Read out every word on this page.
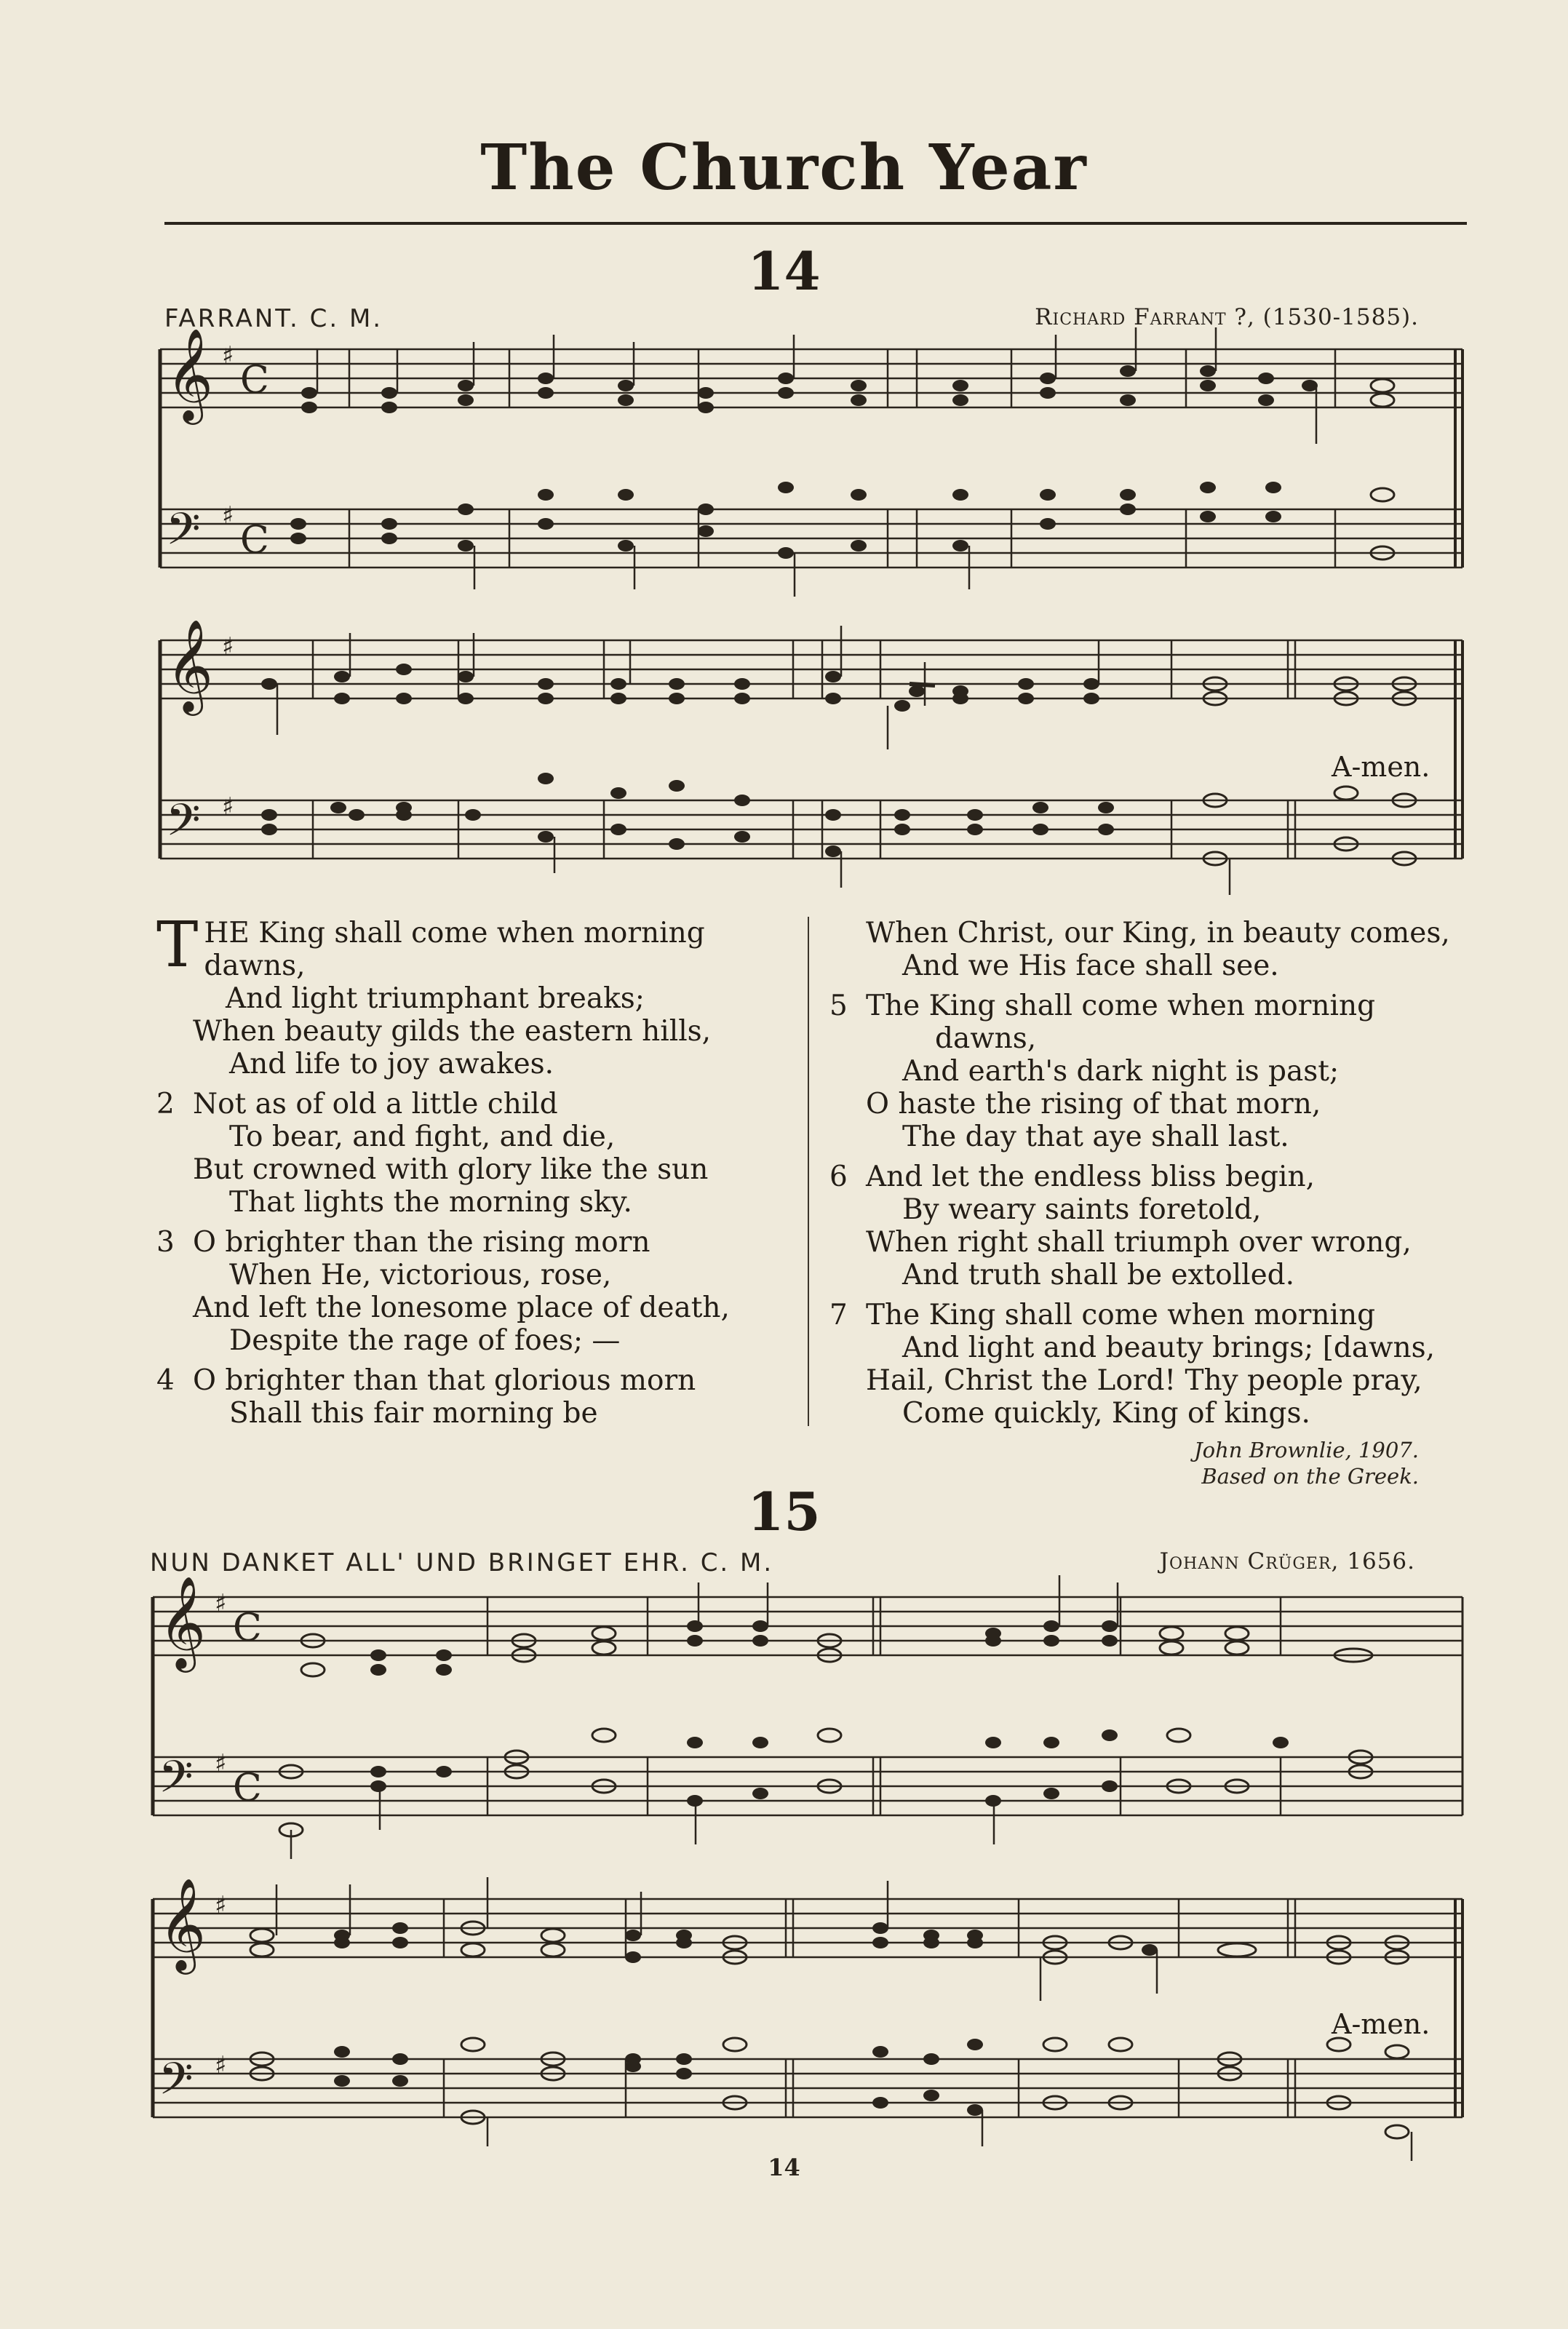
The Church Year
14
FARRANT. C. M.	Richard Farrant ?, (1530-1585).
𝄞
𝄢
♯
♯
C
C
𝄞
𝄢
♯
♯
A-men.
T HE King shall come when morning
dawns,
And light triumphant breaks;
When beauty gilds the eastern hills,
And life to joy awakes.
2 Not as of old a little child
To bear, and fight, and die,
But crowned with glory like the sun
That lights the morning sky.
3 O brighter than the rising morn
When He, victorious, rose,
And left the lonesome place of death,
Despite the rage of foes; —
4 O brighter than that glorious morn
Shall this fair morning be
When Christ, our King, in beauty comes,
And we His face shall see.
5 The King shall come when morning
dawns,
And earth's dark night is past;
O haste the rising of that morn,
The day that aye shall last.
6 And let the endless bliss begin,
By weary saints foretold,
When right shall triumph over wrong,
And truth shall be extolled.
7 The King shall come when morning
And light and beauty brings; [dawns,
Hail, Christ the Lord! Thy people pray,
Come quickly, King of kings.
John Brownlie, 1907.
Based on the Greek.
15
NUN DANKET ALL' UND BRINGET EHR. C. M.	Johann Crüger, 1656.
𝄞
𝄢
♯
♯
C
C
𝄞
𝄢
♯
♯
A-men.
14
